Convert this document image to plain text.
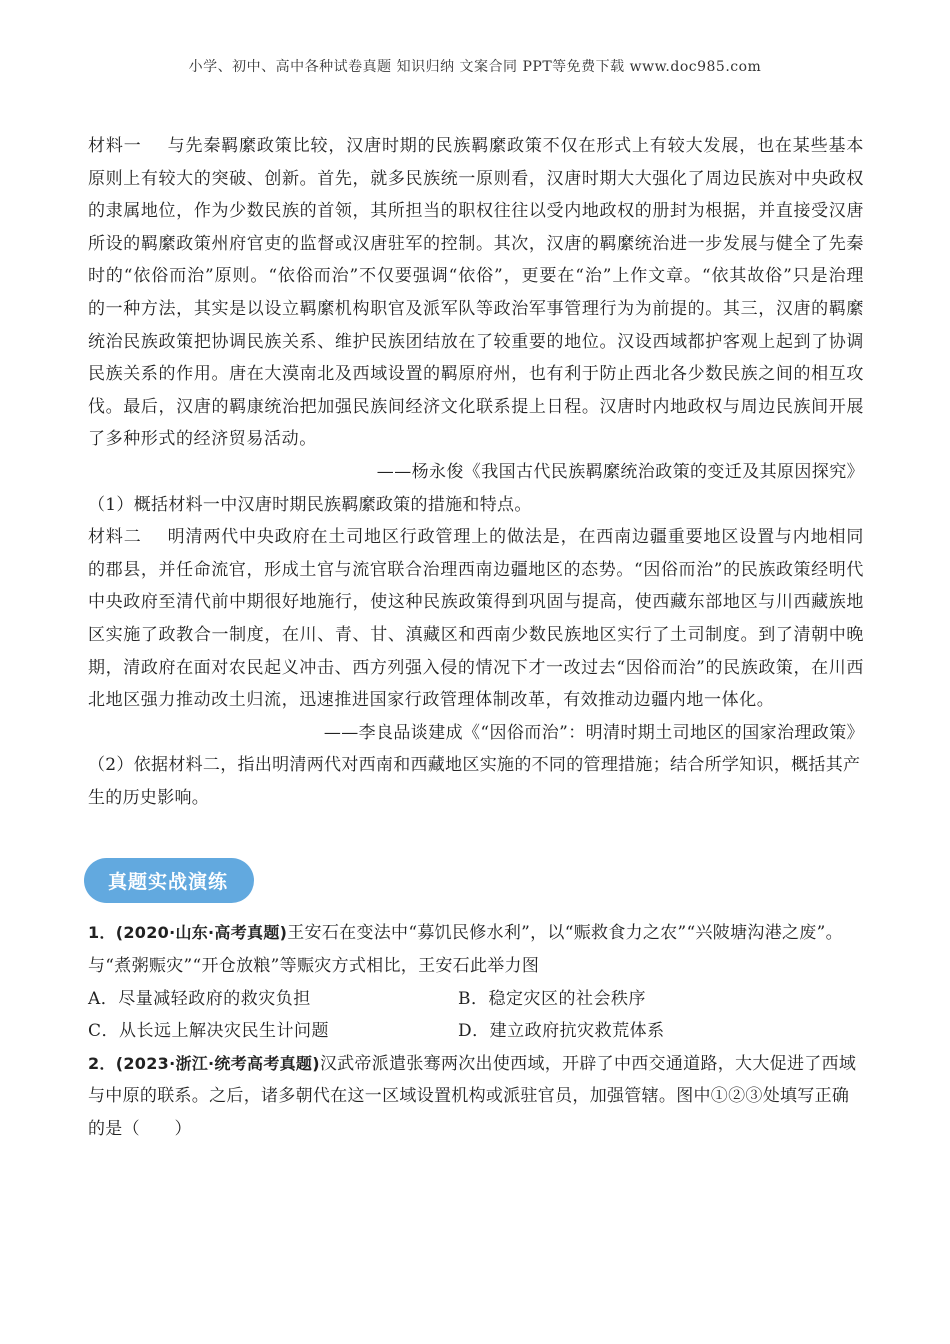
小学、初中、高中各种试卷真题 知识归纳 文案合同 PPT等免费下载 www.doc985.com

材料一 与先秦羁縻政策比较，汉唐时期的民族羁縻政策不仅在形式上有较大发展，也在某些基本原则上有较大的突破、创新。首先，就多民族统一原则看，汉唐时期大大强化了周边民族对中央政权的隶属地位，作为少数民族的首领，其所担当的职权往往以受内地政权的册封为根据，并直接受汉唐所设的羁縻政策州府官吏的监督或汉唐驻军的控制。其次，汉唐的羁縻统治进一步发展与健全了先秦时的“依俗而治”原则。“依俗而治”不仅要强调“依俗”，更要在“治”上作文章。“依其故俗”只是治理的一种方法，其实是以设立羁縻机构职官及派军队等政治军事管理行为为前提的。其三，汉唐的羁縻统治民族政策把协调民族关系、维护民族团结放在了较重要的地位。汉设西域都护客观上起到了协调民族关系的作用。唐在大漠南北及西域设置的羁原府州，也有利于防止西北各少数民族之间的相互攻伐。最后，汉唐的羁康统治把加强民族间经济文化联系提上日程。汉唐时内地政权与周边民族间开展了多种形式的经济贸易活动。

——杨永俊《我国古代民族羁縻统治政策的变迁及其原因探究》

（1）概括材料一中汉唐时期民族羁縻政策的措施和特点。

材料二 明清两代中央政府在土司地区行政管理上的做法是，在西南边疆重要地区设置与内地相同的郡县，并任命流官，形成土官与流官联合治理西南边疆地区的态势。“因俗而治”的民族政策经明代中央政府至清代前中期很好地施行，使这种民族政策得到巩固与提高，使西藏东部地区与川西藏族地区实施了政教合一制度，在川、青、甘、滇藏区和西南少数民族地区实行了土司制度。到了清朝中晚期，清政府在面对农民起义冲击、西方列强入侵的情况下才一改过去“因俗而治”的民族政策，在川西北地区强力推动改土归流，迅速推进国家行政管理体制改革，有效推动边疆内地一体化。

——李良品谈建成《“因俗而治”：明清时期土司地区的国家治理政策》

（2）依据材料二，指出明清两代对西南和西藏地区实施的不同的管理措施；结合所学知识，概括其产生的历史影响。

真题实战演练

1．(2020·山东·高考真题)王安石在变法中“募饥民修水利”，以“赈救食力之农”“兴陂塘沟港之废”。与“煮粥赈灾”“开仓放粮”等赈灾方式相比，王安石此举力图

A．尽量减轻政府的救灾负担	B．稳定灾区的社会秩序
C．从长远上解决灾民生计问题	D．建立政府抗灾救荒体系

2．(2023·浙江·统考高考真题)汉武帝派遣张骞两次出使西域，开辟了中西交通道路，大大促进了西域与中原的联系。之后，诸多朝代在这一区域设置机构或派驻官员，加强管辖。图中①②③处填写正确的是（　　）
